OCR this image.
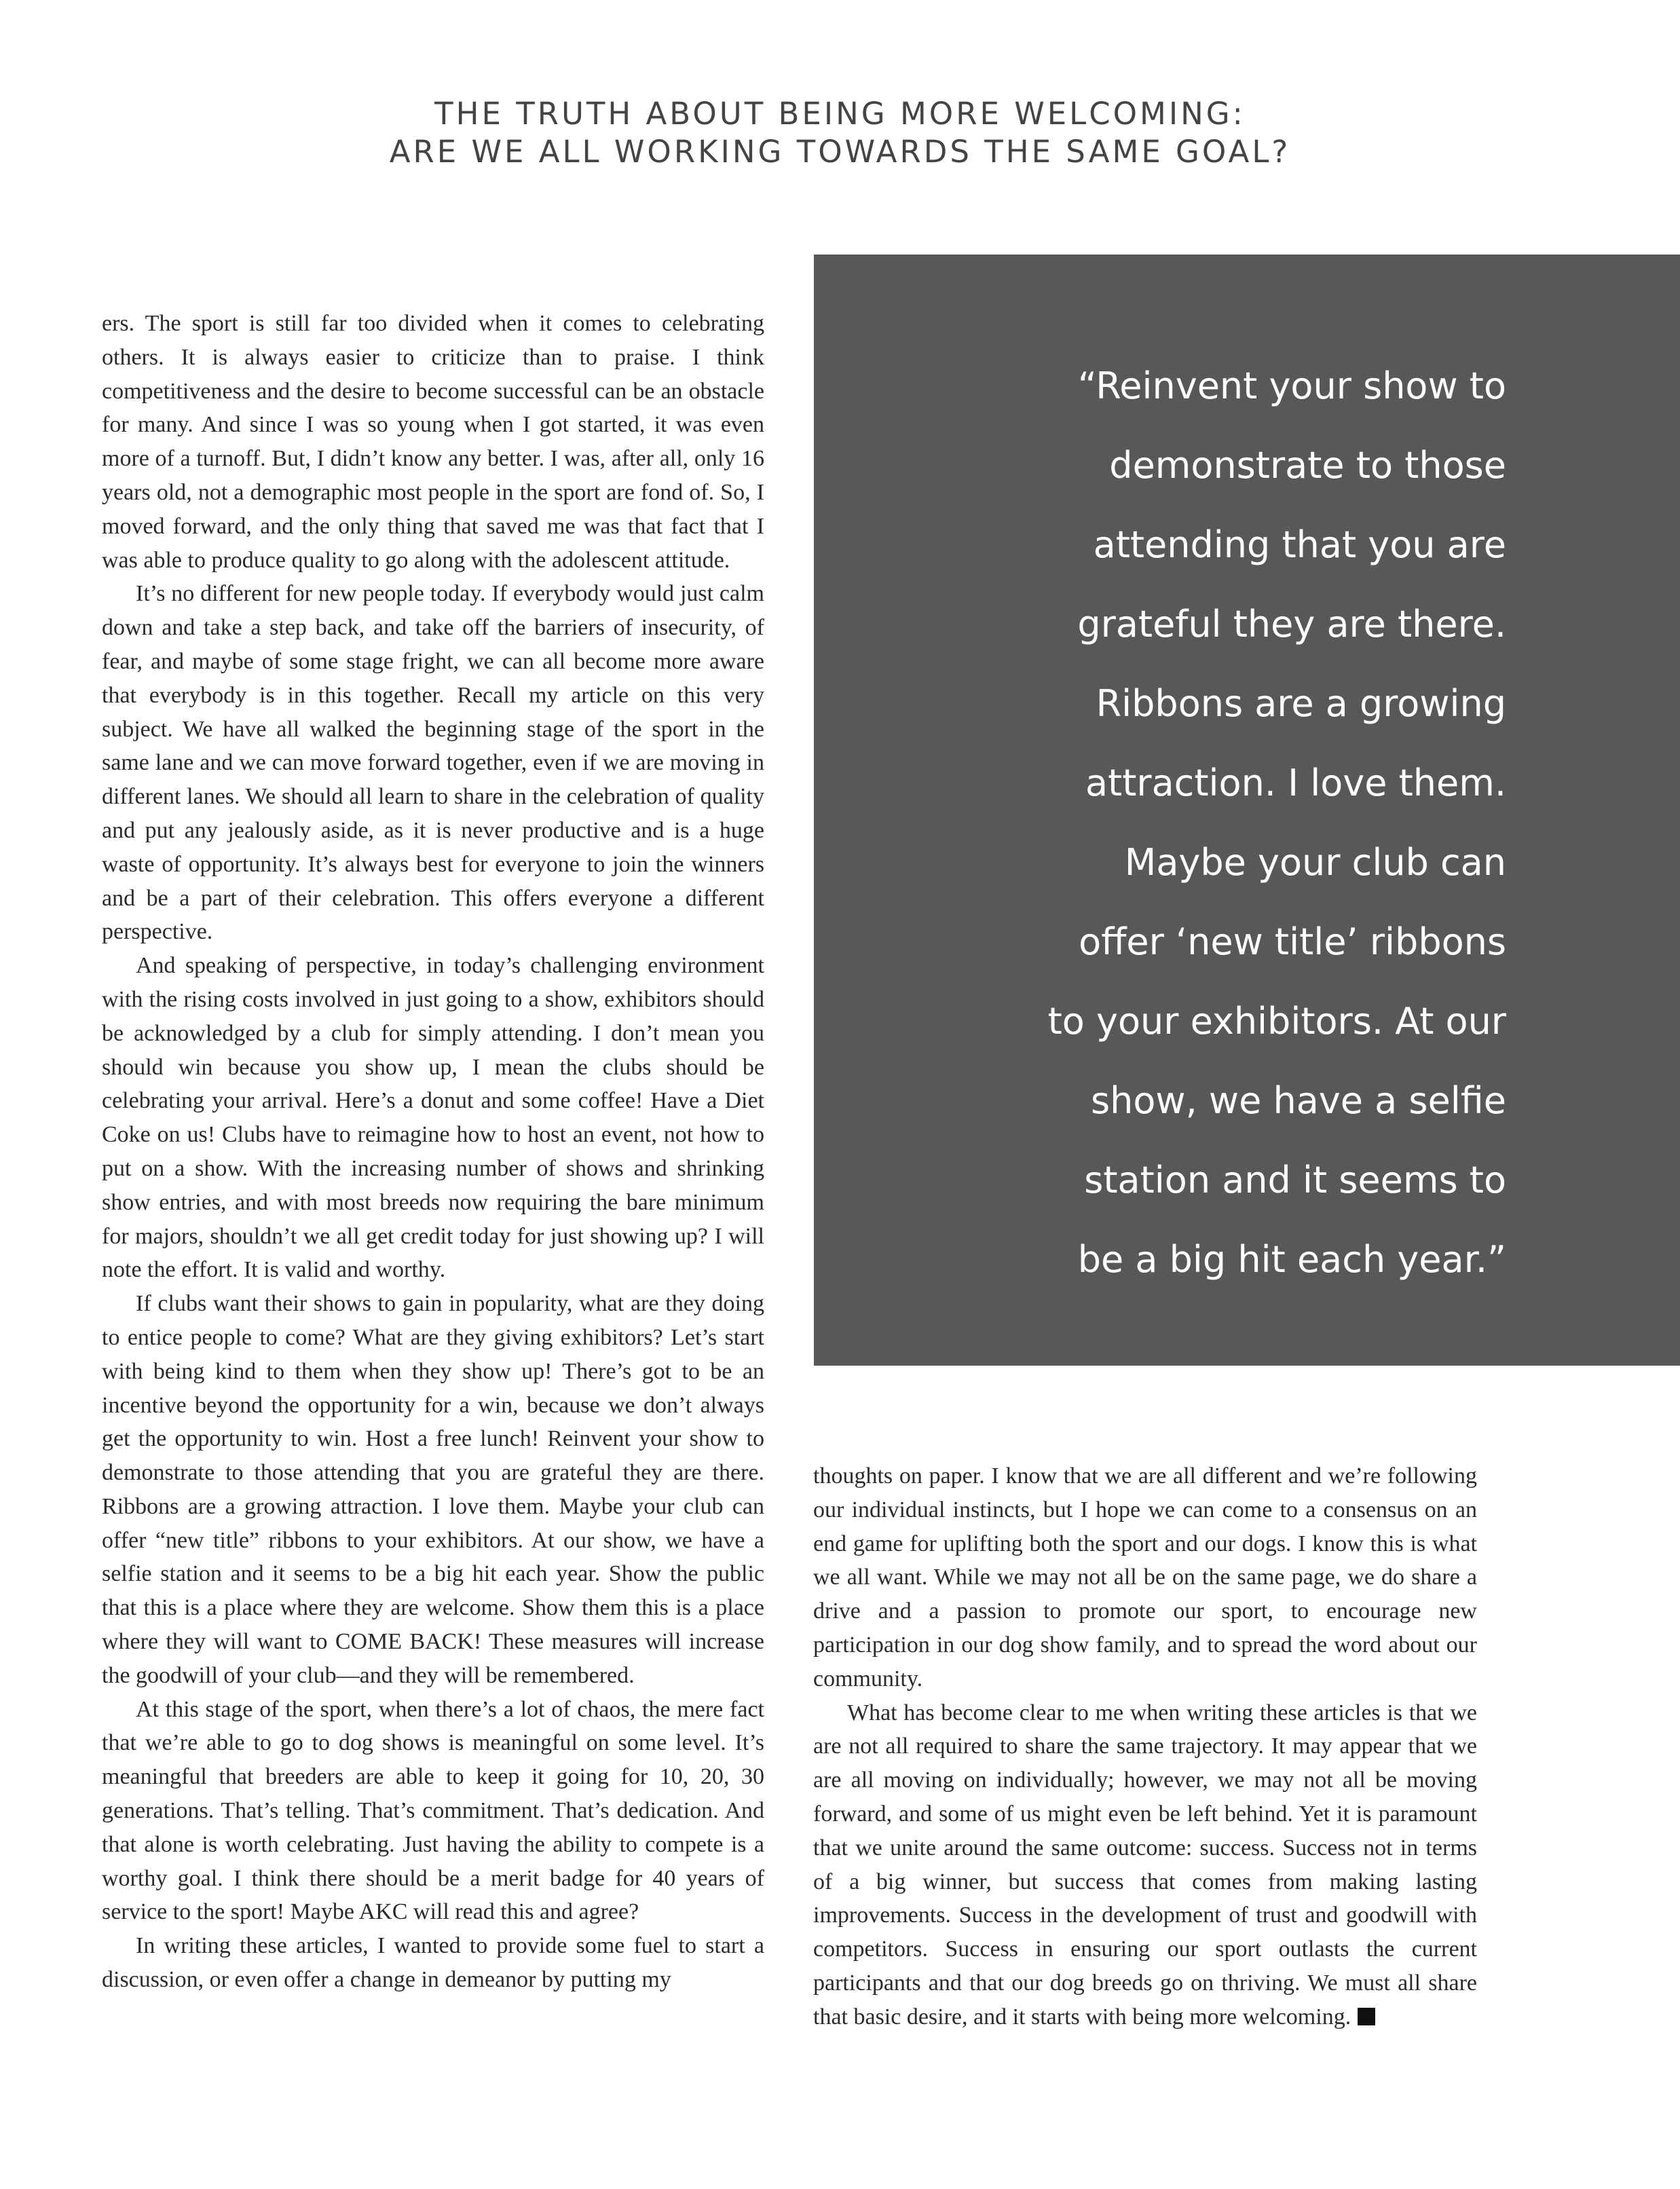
THE TRUTH ABOUT BEING MORE WELCOMING:
ARE WE ALL WORKING TOWARDS THE SAME GOAL?

ers. The sport is still far too divided when it comes to celebrating others. It is always easier to criticize than to praise. I think competitiveness and the desire to become successful can be an obstacle for many. And since I was so young when I got started, it was even more of a turnoff. But, I didn’t know any better. I was, after all, only 16 years old, not a demographic most people in the sport are fond of. So, I moved forward, and the only thing that saved me was that fact that I was able to produce quality to go along with the adolescent attitude.

It’s no different for new people today. If everybody would just calm down and take a step back, and take off the barriers of insecurity, of fear, and maybe of some stage fright, we can all become more aware that everybody is in this together. Recall my article on this very subject. We have all walked the beginning stage of the sport in the same lane and we can move forward together, even if we are moving in different lanes. We should all learn to share in the celebration of quality and put any jealously aside, as it is never productive and is a huge waste of opportunity. It’s always best for everyone to join the winners and be a part of their celebration. This offers everyone a different perspective.

And speaking of perspective, in today’s challenging environment with the rising costs involved in just going to a show, exhibitors should be acknowledged by a club for simply attending. I don’t mean you should win because you show up, I mean the clubs should be celebrating your arrival. Here’s a donut and some coffee! Have a Diet Coke on us! Clubs have to reimagine how to host an event, not how to put on a show. With the increasing number of shows and shrinking show entries, and with most breeds now requiring the bare minimum for majors, shouldn’t we all get credit today for just showing up? I will note the effort. It is valid and worthy.

If clubs want their shows to gain in popularity, what are they doing to entice people to come? What are they giving exhibitors? Let’s start with being kind to them when they show up! There’s got to be an incentive beyond the opportunity for a win, because we don’t always get the opportunity to win. Host a free lunch! Reinvent your show to demonstrate to those attending that you are grateful they are there. Ribbons are a growing attraction. I love them. Maybe your club can offer “new title” ribbons to your exhibitors. At our show, we have a selfie station and it seems to be a big hit each year. Show the public that this is a place where they are welcome. Show them this is a place where they will want to COME BACK! These measures will increase the goodwill of your club—and they will be remembered.

At this stage of the sport, when there’s a lot of chaos, the mere fact that we’re able to go to dog shows is meaningful on some level. It’s meaningful that breeders are able to keep it going for 10, 20, 30 generations. That’s telling. That’s commitment. That’s dedication. And that alone is worth celebrating. Just having the ability to compete is a worthy goal. I think there should be a merit badge for 40 years of service to the sport! Maybe AKC will read this and agree?

In writing these articles, I wanted to provide some fuel to start a discussion, or even offer a change in demeanor by putting my

“Reinvent your show to
demonstrate to those
attending that you are
grateful they are there.
Ribbons are a growing
attraction. I love them.
Maybe your club can
offer ‘new title’ ribbons
to your exhibitors. At our
show, we have a selfie
station and it seems to
be a big hit each year.”

thoughts on paper. I know that we are all different and we’re following our individual instincts, but I hope we can come to a consensus on an end game for uplifting both the sport and our dogs. I know this is what we all want. While we may not all be on the same page, we do share a drive and a passion to promote our sport, to encourage new participation in our dog show family, and to spread the word about our community.

What has become clear to me when writing these articles is that we are not all required to share the same trajectory. It may appear that we are all moving on individually; however, we may not all be moving forward, and some of us might even be left behind. Yet it is paramount that we unite around the same outcome: success. Success not in terms of a big winner, but success that comes from making lasting improvements. Success in the development of trust and goodwill with competitors. Success in ensuring our sport outlasts the current participants and that our dog breeds go on thriving. We must all share that basic desire, and it starts with being more welcoming.
